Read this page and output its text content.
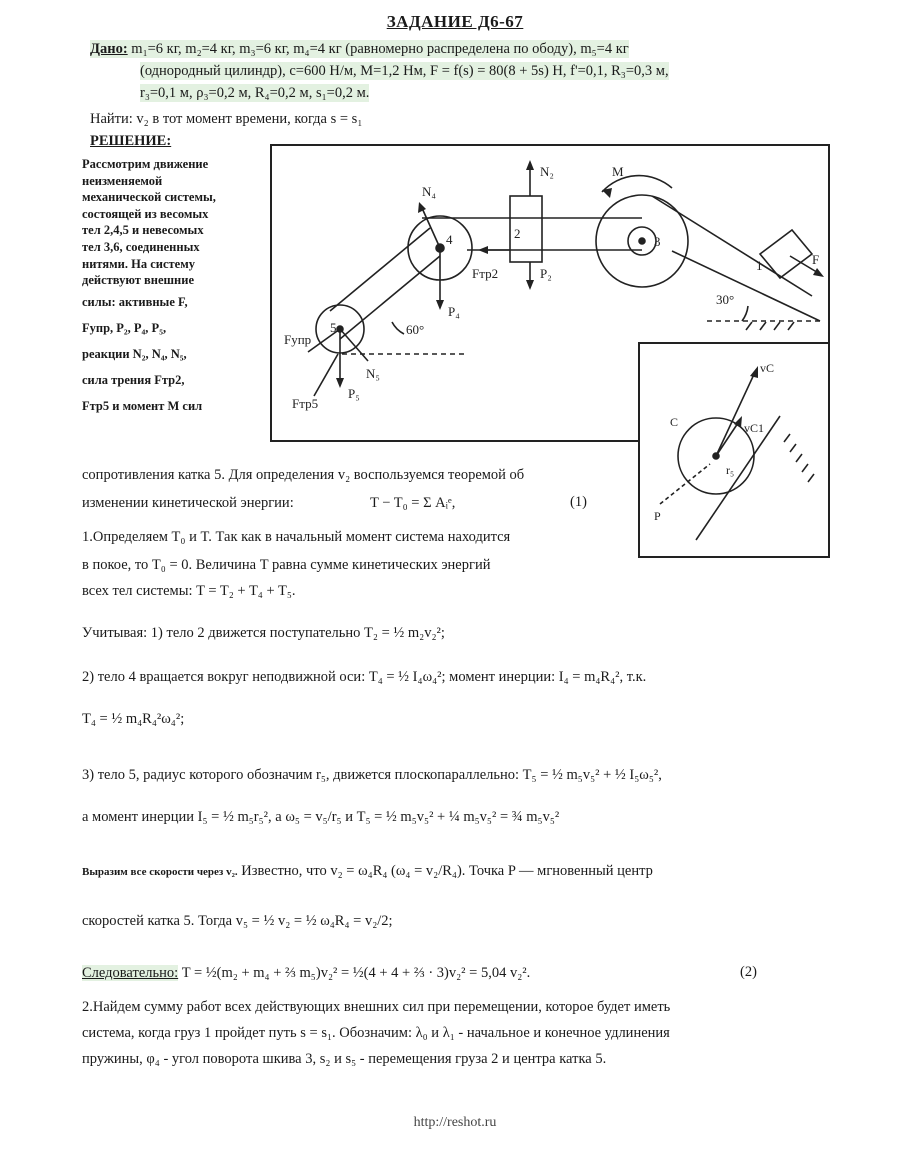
ЗАДАНИЕ Д6-67
Дано: m₁=6 кг, m₂=4 кг, m₃=6 кг, m₄=4 кг (равномерно распределена по ободу), m₅=4 кг
(однородный цилиндр), c=600 Н/м, M=1,2 Нм, F = f(s) = 80(8 + 5s) Н, f'=0,1, R₃=0,3 м,
r₃=0,1 м, ρ₃=0,2 м, R₄=0,2 м, s₁=0,2 м.
Найти: v₂ в тот момент времени, когда s = s₁
РЕШЕНИЕ:
Рассмотрим движение
неизменяемой
механической системы,
состоящей из весомых
тел 2,4,5 и невесомых
тел 3,6, соединенных
нитями. На систему
действуют внешние
силы: активные F,
Fупр, P₂, P₄, P₅,
реакции N₂, N₄, N₅,
сила трения Fтр2,
Fтр5 и момент M сил
N₄
P₄
N₂
P₂
Fтр2
M
F
Fупр
N₅
P₅
Fтр5
4	2
3
5
1
60°
30°
vC
vC1
C
r₅
P
сопротивления катка 5. Для определения v₂ воспользуемся теоремой об
изменении кинетической энергии:	T − T₀ = Σ Aᵢᵉ,	(1)
1.Определяем T₀ и T. Так как в начальный момент система находится
в покое, то T₀ = 0. Величина T равна сумме кинетических энергий
всех тел системы: T = T₂ + T₄ + T₅.
Учитывая: 1) тело 2 движется поступательно T₂ = ½ m₂v₂²;
2) тело 4 вращается вокруг неподвижной оси: T₄ = ½ I₄ω₄²; момент инерции: I₄ = m₄R₄², т.к.
T₄ = ½ m₄R₄²ω₄²;
3) тело 5, радиус которого обозначим r₅, движется плоскопараллельно: T₅ = ½ m₅v₅² + ½ I₅ω₅²,
а момент инерции I₅ = ½ m₅r₅², а ω₅ = v₅/r₅ и T₅ = ½ m₅v₅² + ¼ m₅v₅² = ¾ m₅v₅²
Выразим все скорости через v₂. Известно, что v₂ = ω₄R₄ (ω₄ = v₂/R₄). Точка P — мгновенный центр
скоростей катка 5. Тогда v₅ = ½ v₂ = ½ ω₄R₄ = v₂/2;
Следовательно: T = ½(m₂ + m₄ + ⅔ m₅)v₂² = ½(4 + 4 + ⅔ · 3)v₂² = 5,04 v₂².	(2)
2.Найдем сумму работ всех действующих внешних сил при перемещении, которое будет иметь
система, когда груз 1 пройдет путь s = s₁. Обозначим: λ₀ и λ₁ - начальное и конечное удлинения
пружины, φ₄ - угол поворота шкива 3, s₂ и s₅ - перемещения груза 2 и центра катка 5.
http://reshot.ru
